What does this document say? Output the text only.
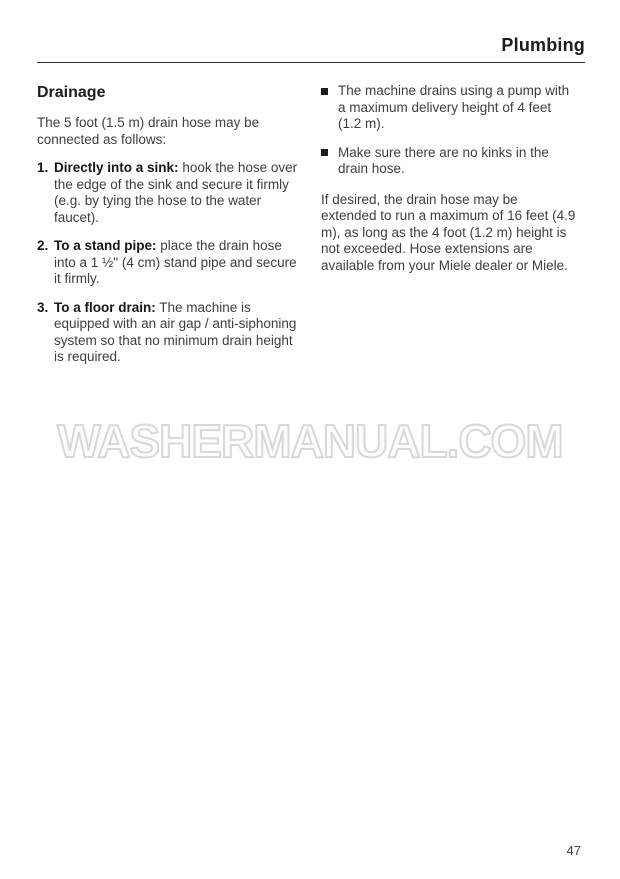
Plumbing
Drainage

The 5 foot (1.5 m) drain hose may be connected as follows:

1. Directly into a sink: hook the hose over the edge of the sink and secure it firmly (e.g. by tying the hose to the water faucet).
2. To a stand pipe: place the drain hose into a 1 ½" (4 cm) stand pipe and secure it firmly.
3. To a floor drain: The machine is equipped with an air gap / anti-siphoning system so that no minimum drain height is required.
The machine drains using a pump with a maximum delivery height of 4 feet (1.2 m).
Make sure there are no kinks in the drain hose.

If desired, the drain hose may be extended to run a maximum of 16 feet (4.9 m), as long as the 4 foot (1.2 m) height is not exceeded. Hose extensions are available from your Miele dealer or Miele.

WASHERMANUAL.COM
47
